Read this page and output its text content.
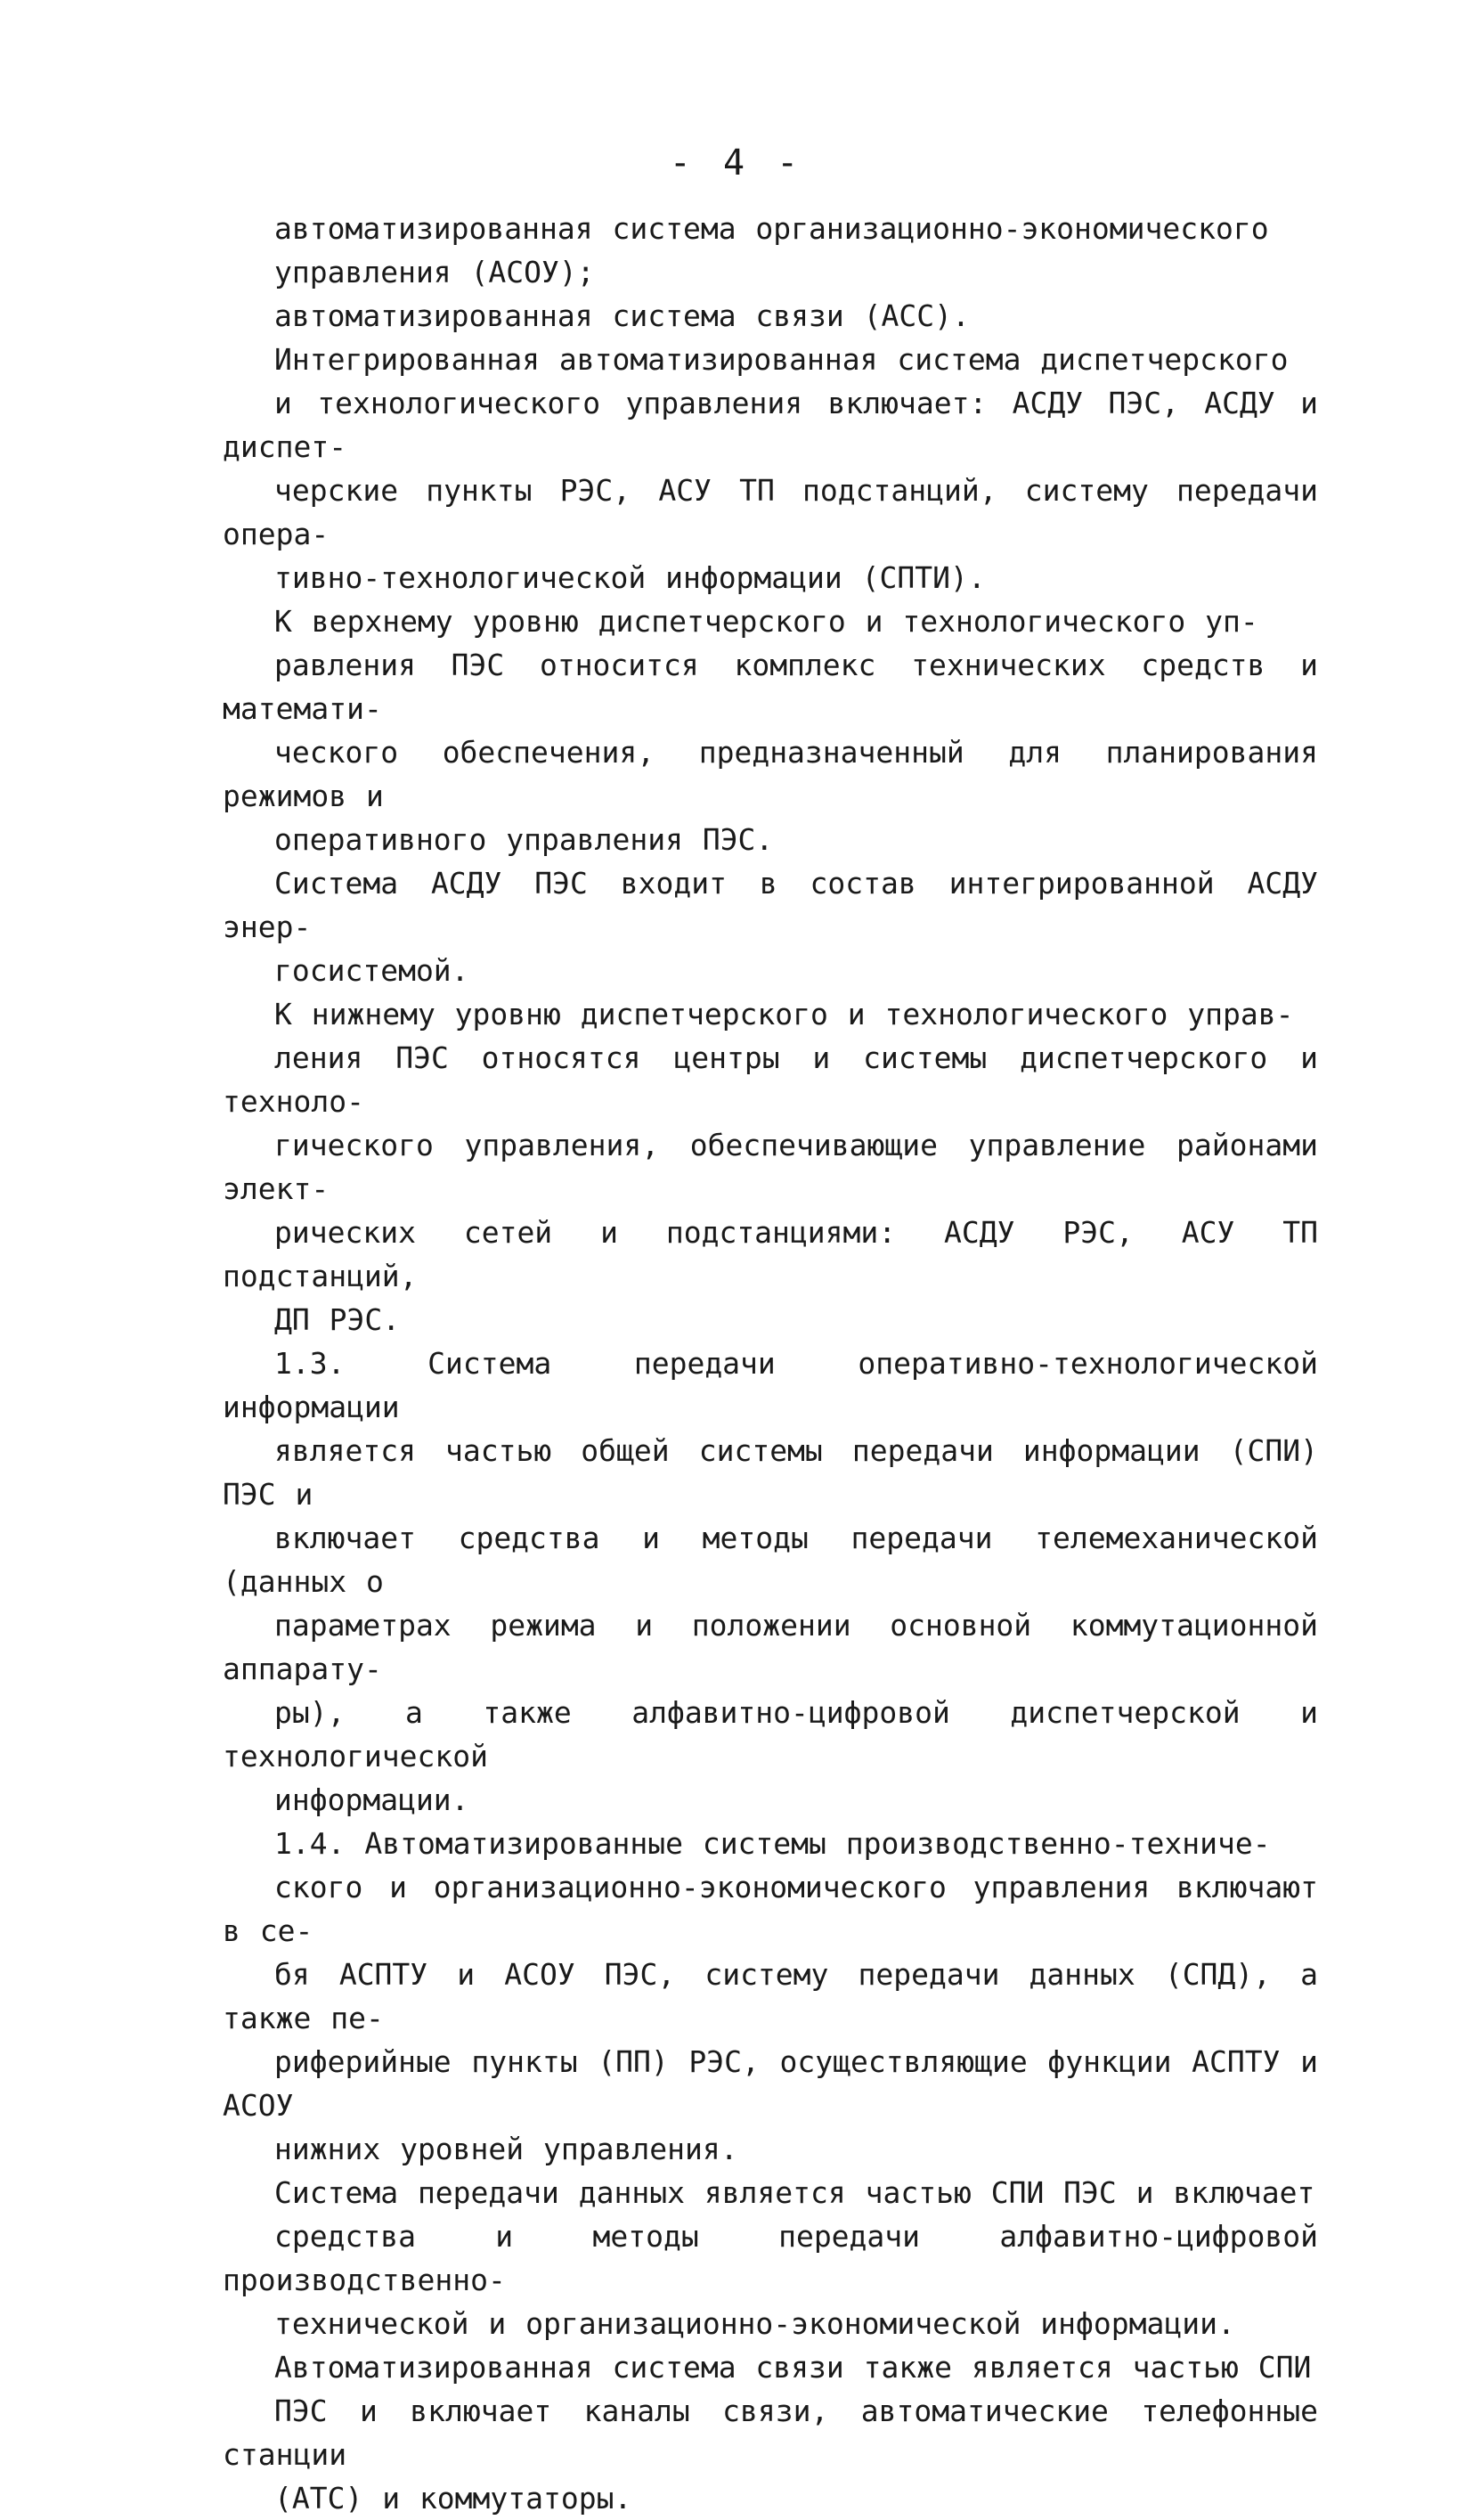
- 4 -
автоматизированная система организационно-экономического
управления (АСОУ);
автоматизированная система связи (АСС).
Интегрированная автоматизированная система диспетчерского
и технологического управления включает: АСДУ ПЭС, АСДУ и диспет-
черские пункты РЭС, АСУ ТП подстанций, систему передачи опера-
тивно-технологической информации (СПТИ).
К верхнему уровню диспетчерского и технологического уп-
равления ПЭС относится комплекс технических средств и математи-
ческого обеспечения, предназначенный для планирования режимов и
оперативного управления ПЭС.
Система АСДУ ПЭС входит в состав интегрированной АСДУ энер-
госистемой.
К нижнему уровню диспетчерского и технологического управ-
ления ПЭС относятся центры и системы диспетчерского и техноло-
гического управления, обеспечивающие управление районами элект-
рических сетей и подстанциями: АСДУ РЭС, АСУ ТП подстанций,
ДП РЭС.
1.3. Система передачи оперативно-технологической информации
является частью общей системы передачи информации (СПИ) ПЭС и
включает средства и методы передачи телемеханической (данных о
параметрах режима и положении основной коммутационной аппарату-
ры), а также алфавитно-цифровой диспетчерской и технологической
информации.
1.4. Автоматизированные системы производственно-техниче-
ского и организационно-экономического управления включают в се-
бя АСПТУ и АСОУ ПЭС, систему передачи данных (СПД), а также пе-
риферийные пункты (ПП) РЭС, осуществляющие функции АСПТУ и АСОУ
нижних уровней управления.
Система передачи данных является частью СПИ ПЭС и включает
средства и методы передачи алфавитно-цифровой производственно-
технической и организационно-экономической информации.
Автоматизированная система связи также является частью СПИ
ПЭС и включает каналы связи, автоматические телефонные станции
(АТС) и коммутаторы.
